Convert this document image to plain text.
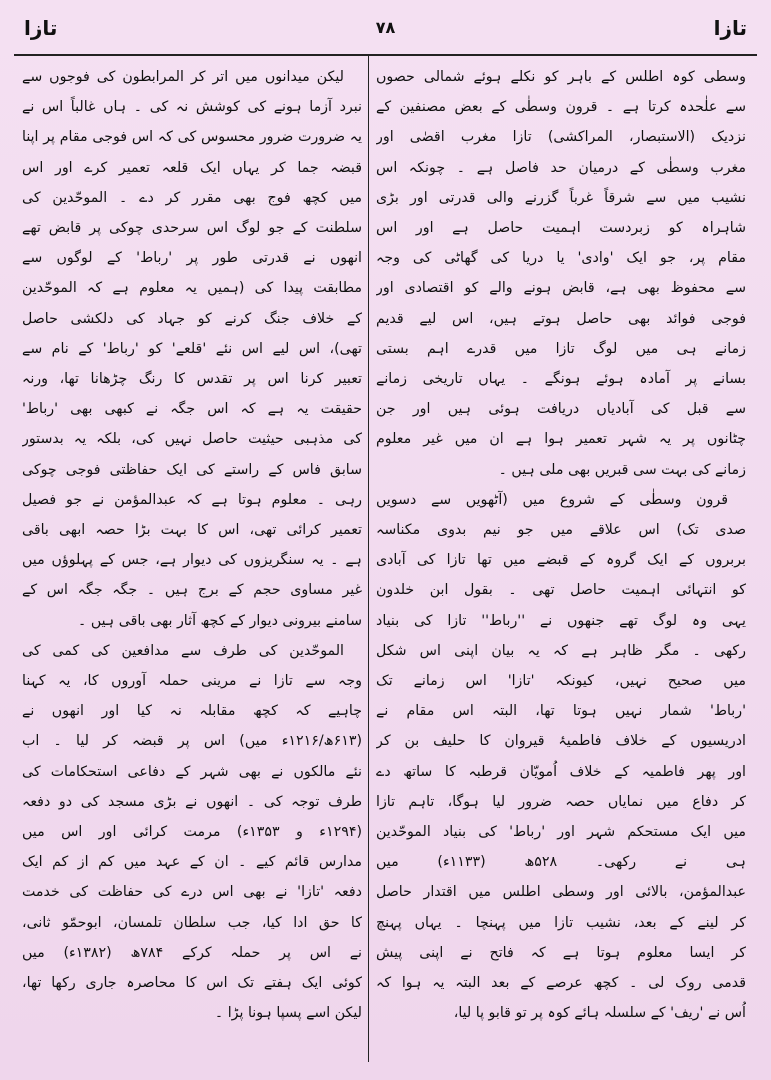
تازا
۷۸
تازا
وسطی کوہ اطلس کے باہر کو نکلے ہوئے شمالی حصوں
سے علٰحدہ کرتا ہے ۔ قرون وسطٰی کے بعض مصنفین کے
نزدیک (الاستبصار، المراکشی) تازا مغرب اقصٰی اور
مغرب وسطٰی کے درمیان حد فاصل ہے ۔ چونکہ اس
نشیب میں سے شرقاً غرباً گزرنے والی قدرتی اور بڑی
شاہراہ کو زبردست اہمیت حاصل ہے اور اس
مقام پر، جو ایک 'وادی' یا دریا کی گھاٹی کی وجہ
سے محفوظ بھی ہے، قابض ہونے والے کو اقتصادی اور
فوجی فوائد بھی حاصل ہوتے ہیں، اس لیے قدیم
زمانے ہی میں لوگ تازا میں قدرے اہم بستی
بسانے پر آمادہ ہوئے ہونگے ۔ یہاں تاریخی زمانے
سے قبل کی آبادیاں دریافت ہوئی ہیں اور جن
چٹانوں پر یہ شہر تعمیر ہوا ہے ان میں غیر معلوم
زمانے کی بہت سی قبریں بھی ملی ہیں ۔
قرون وسطٰی کے شروع میں (آٹھویں سے دسویں
صدی تک) اس علاقے میں جو نیم بدوی مکناسہ
بربروں کے ایک گروہ کے قبضے میں تھا تازا کی آبادی
کو انتہائی اہمیت حاصل تھی ۔ بقول ابن خلدون
یہی وہ لوگ تھے جنھوں نے ''رباط'' تازا کی بنیاد
رکھی ۔ مگر ظاہر ہے کہ یہ بیان اپنی اس شکل
میں صحیح نہیں، کیونکہ 'تازا' اس زمانے تک
'رباط' شمار نہیں ہوتا تھا، البتہ اس مقام نے
ادریسیوں کے خلاف فاطمیۂ قیروان کا حلیف بن کر
اور پھر فاطمیہ کے خلاف اُمویّان قرطبہ کا ساتھ دے
کر دفاع میں نمایاں حصہ ضرور لیا ہوگا، تاہم تازا
میں ایک مستحکم شہر اور 'رباط' کی بنیاد الموحّدین
ہی نے رکھی۔ ۵۲۸ھ (۱۱۳۳ء) میں
عبدالمؤمن، بالائی اور وسطی اطلس میں اقتدار حاصل
کر لینے کے بعد، نشیب تازا میں پہنچا ۔ یہاں پہنچ
کر ایسا معلوم ہوتا ہے کہ فاتح نے اپنی پیش
قدمی روک لی ۔ کچھ عرصے کے بعد البتہ یہ ہوا کہ
اُس نے 'ریف' کے سلسلہ ہائے کوہ پر تو قابو پا لیا،
لیکن میدانوں میں اتر کر المرابطون کی فوجوں سے
نبرد آزما ہونے کی کوشش نہ کی ۔ ہاں غالباً اس نے
یہ ضرورت ضرور محسوس کی کہ اس فوجی مقام پر اپنا
قبضہ جما کر یہاں ایک قلعہ تعمیر کرے اور اس
میں کچھ فوج بھی مقرر کر دے ۔ الموحّدین کی
سلطنت کے جو لوگ اس سرحدی چوکی پر قابض تھے
انھوں نے قدرتی طور پر 'رباط' کے لوگوں سے
مطابقت پیدا کی (ہمیں یہ معلوم ہے کہ الموحّدین
کے خلاف جنگ کرنے کو جہاد کی دلکشی حاصل
تھی)، اس لیے اس نئے 'قلعے' کو 'رباط' کے نام سے
تعبیر کرنا اس پر تقدس کا رنگ چڑھانا تھا، ورنہ
حقیقت یہ ہے کہ اس جگہ نے کبھی بھی 'رباط'
کی مذہبی حیثیت حاصل نہیں کی، بلکہ یہ بدستور
سابق فاس کے راستے کی ایک حفاظتی فوجی چوکی
رہی ۔ معلوم ہوتا ہے کہ عبدالمؤمن نے جو فصیل
تعمیر کرائی تھی، اس کا بہت بڑا حصہ ابھی باقی
ہے ۔ یہ سنگریزوں کی دیوار ہے، جس کے پہلوؤں میں
غیر مساوی حجم کے برج ہیں ۔ جگہ جگہ اس کے
سامنے بیرونی دیوار کے کچھ آثار بھی باقی ہیں ۔
الموحّدین کی طرف سے مدافعین کی کمی کی
وجہ سے تازا نے مرینی حملہ آوروں کا، یہ کہنا
چاہیے کہ کچھ مقابلہ نہ کیا اور انھوں نے
(۶۱۳ھ/۱۲۱۶ء میں) اس پر قبضہ کر لیا ۔ اب
نئے مالکوں نے بھی شہر کے دفاعی استحکامات کی
طرف توجہ کی ۔ انھوں نے بڑی مسجد کی دو دفعہ
(۱۲۹۴ء و ۱۳۵۳ء) مرمت کرائی اور اس میں
مدارس قائم کیے ۔ ان کے عہد میں کم از کم ایک
دفعہ 'تازا' نے بھی اس درے کی حفاظت کی خدمت
کا حق ادا کیا، جب سلطان تلمسان، ابوحمّو ثانی،
نے اس پر حملہ کرکے ۷۸۴ھ (۱۳۸۲ء) میں
کوئی ایک ہفتے تک اس کا محاصرہ جاری رکھا تھا،
لیکن اسے پسپا ہونا پڑا ۔
